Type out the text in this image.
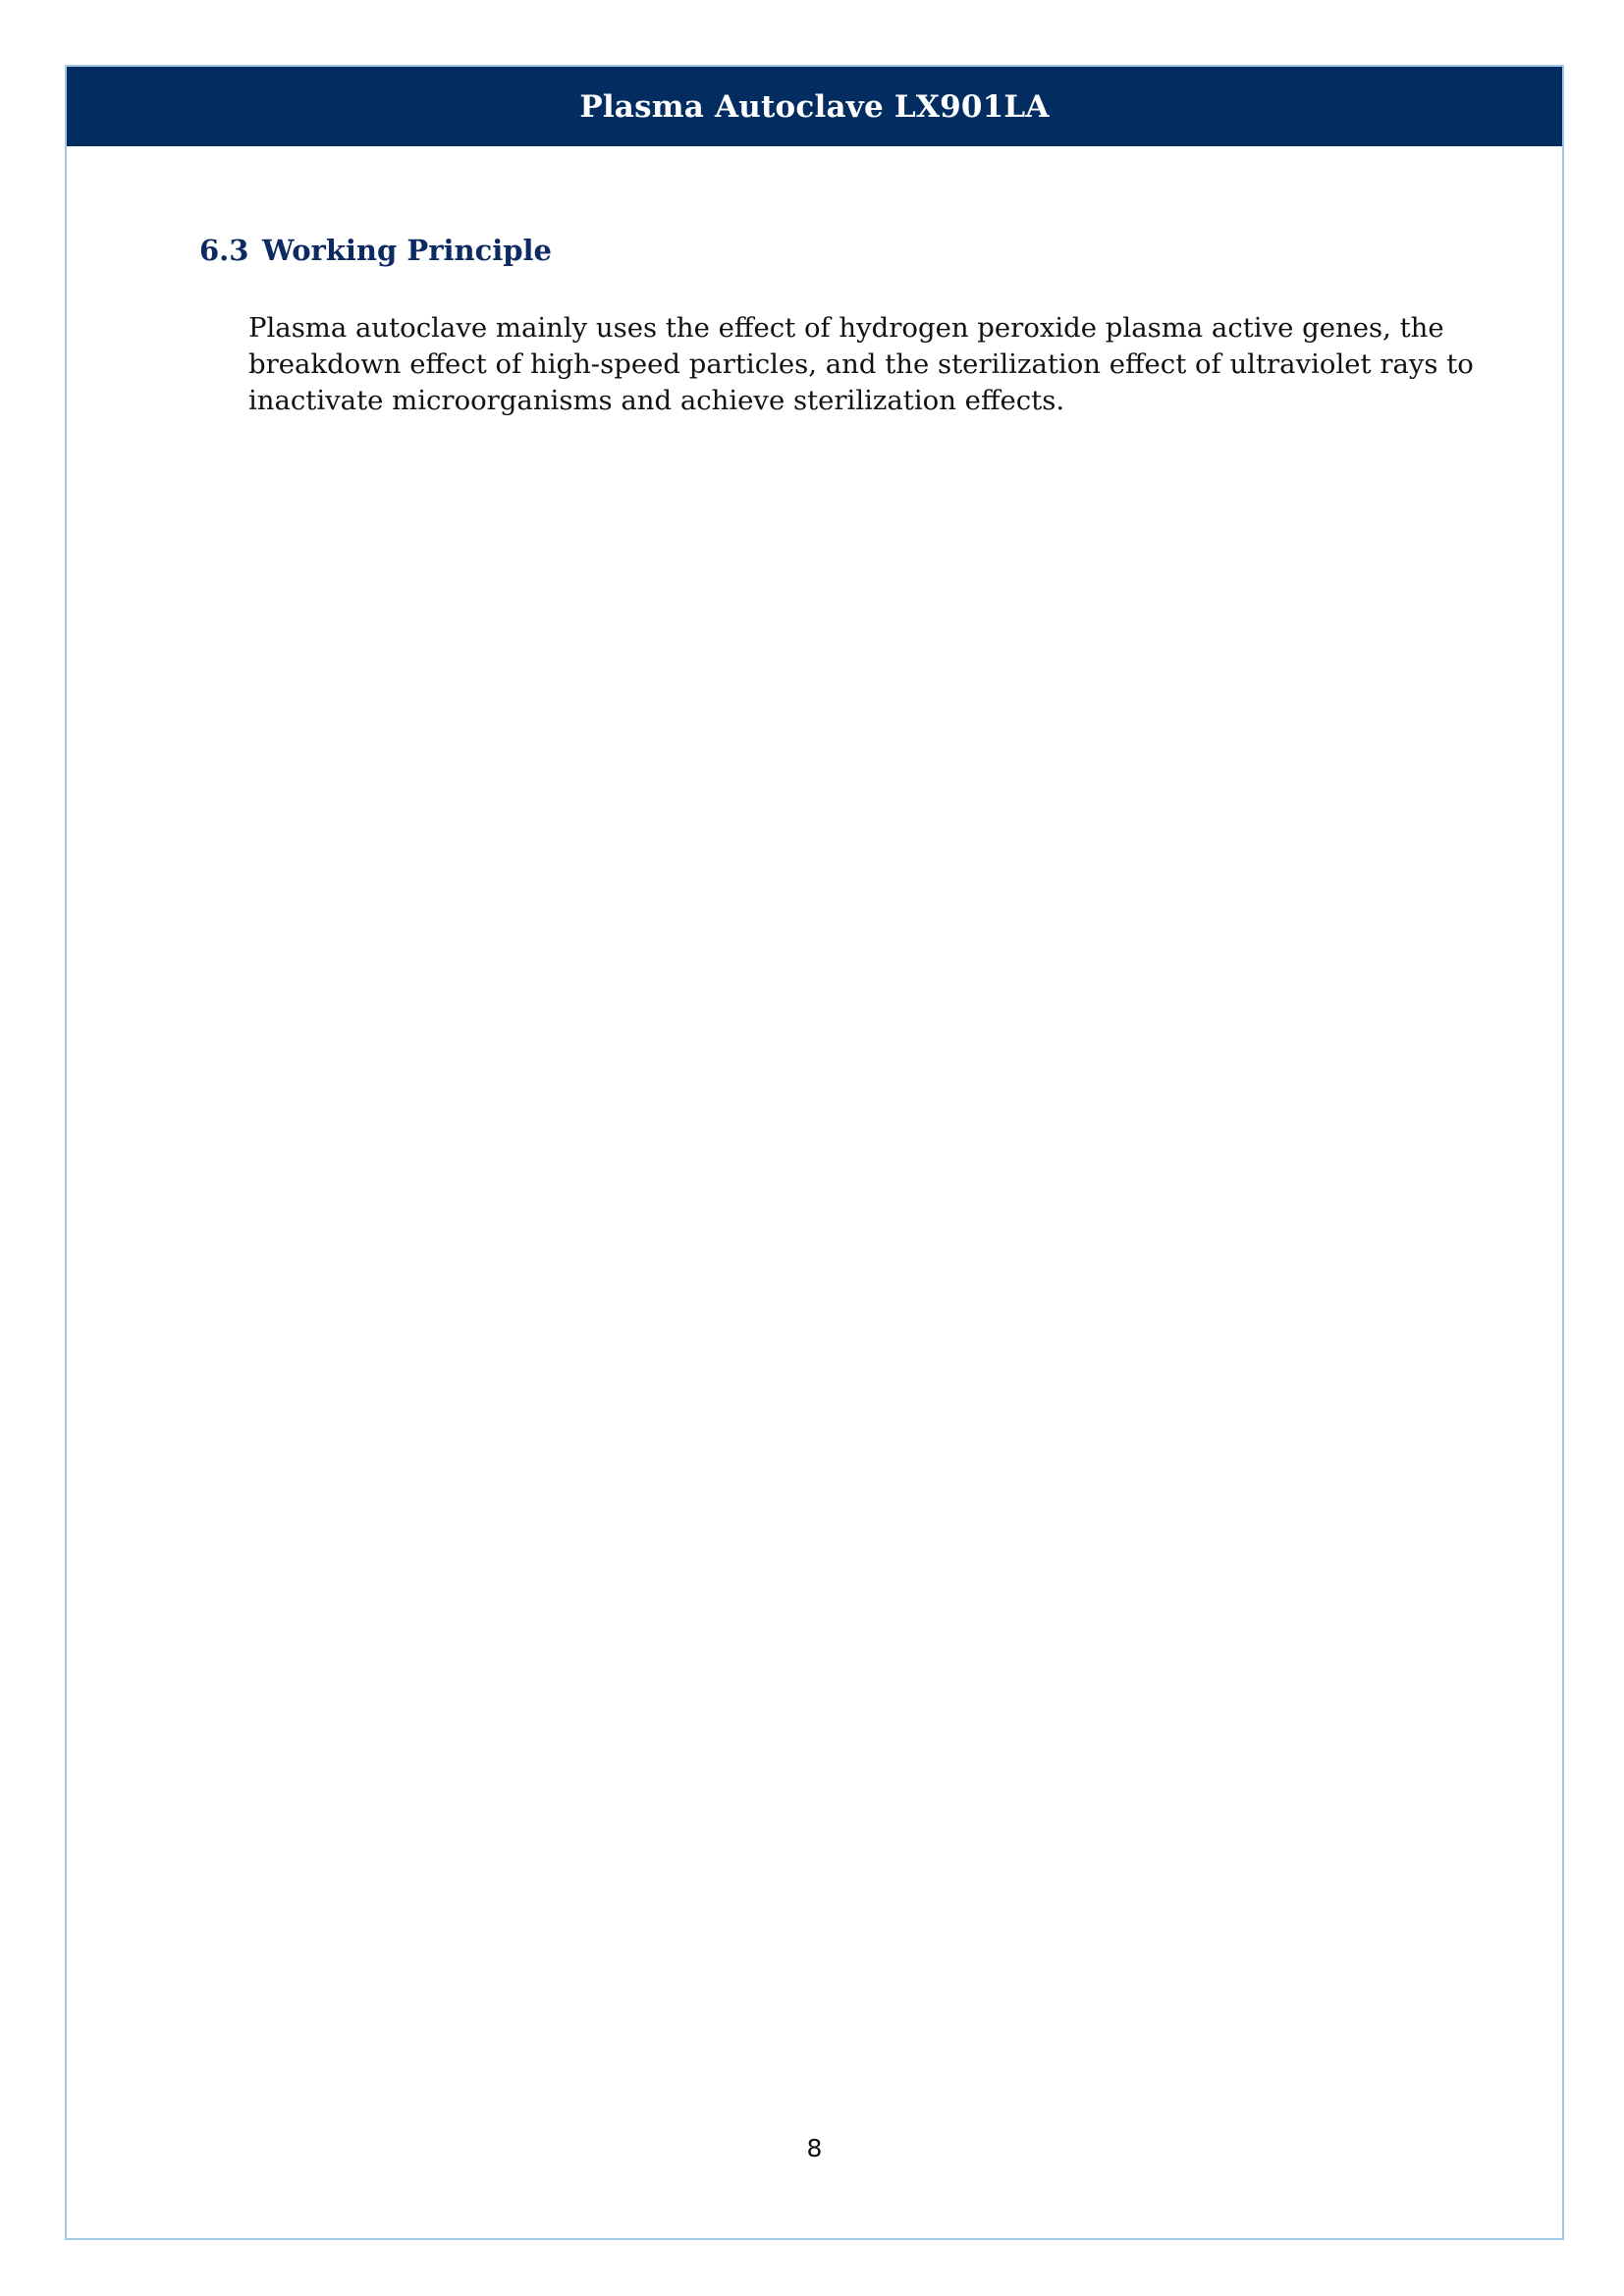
Plasma Autoclave LX901LA
6.3 Working Principle
Plasma autoclave mainly uses the effect of hydrogen peroxide plasma active genes, the breakdown effect of high-speed particles, and the sterilization effect of ultraviolet rays to inactivate microorganisms and achieve sterilization effects.
8
